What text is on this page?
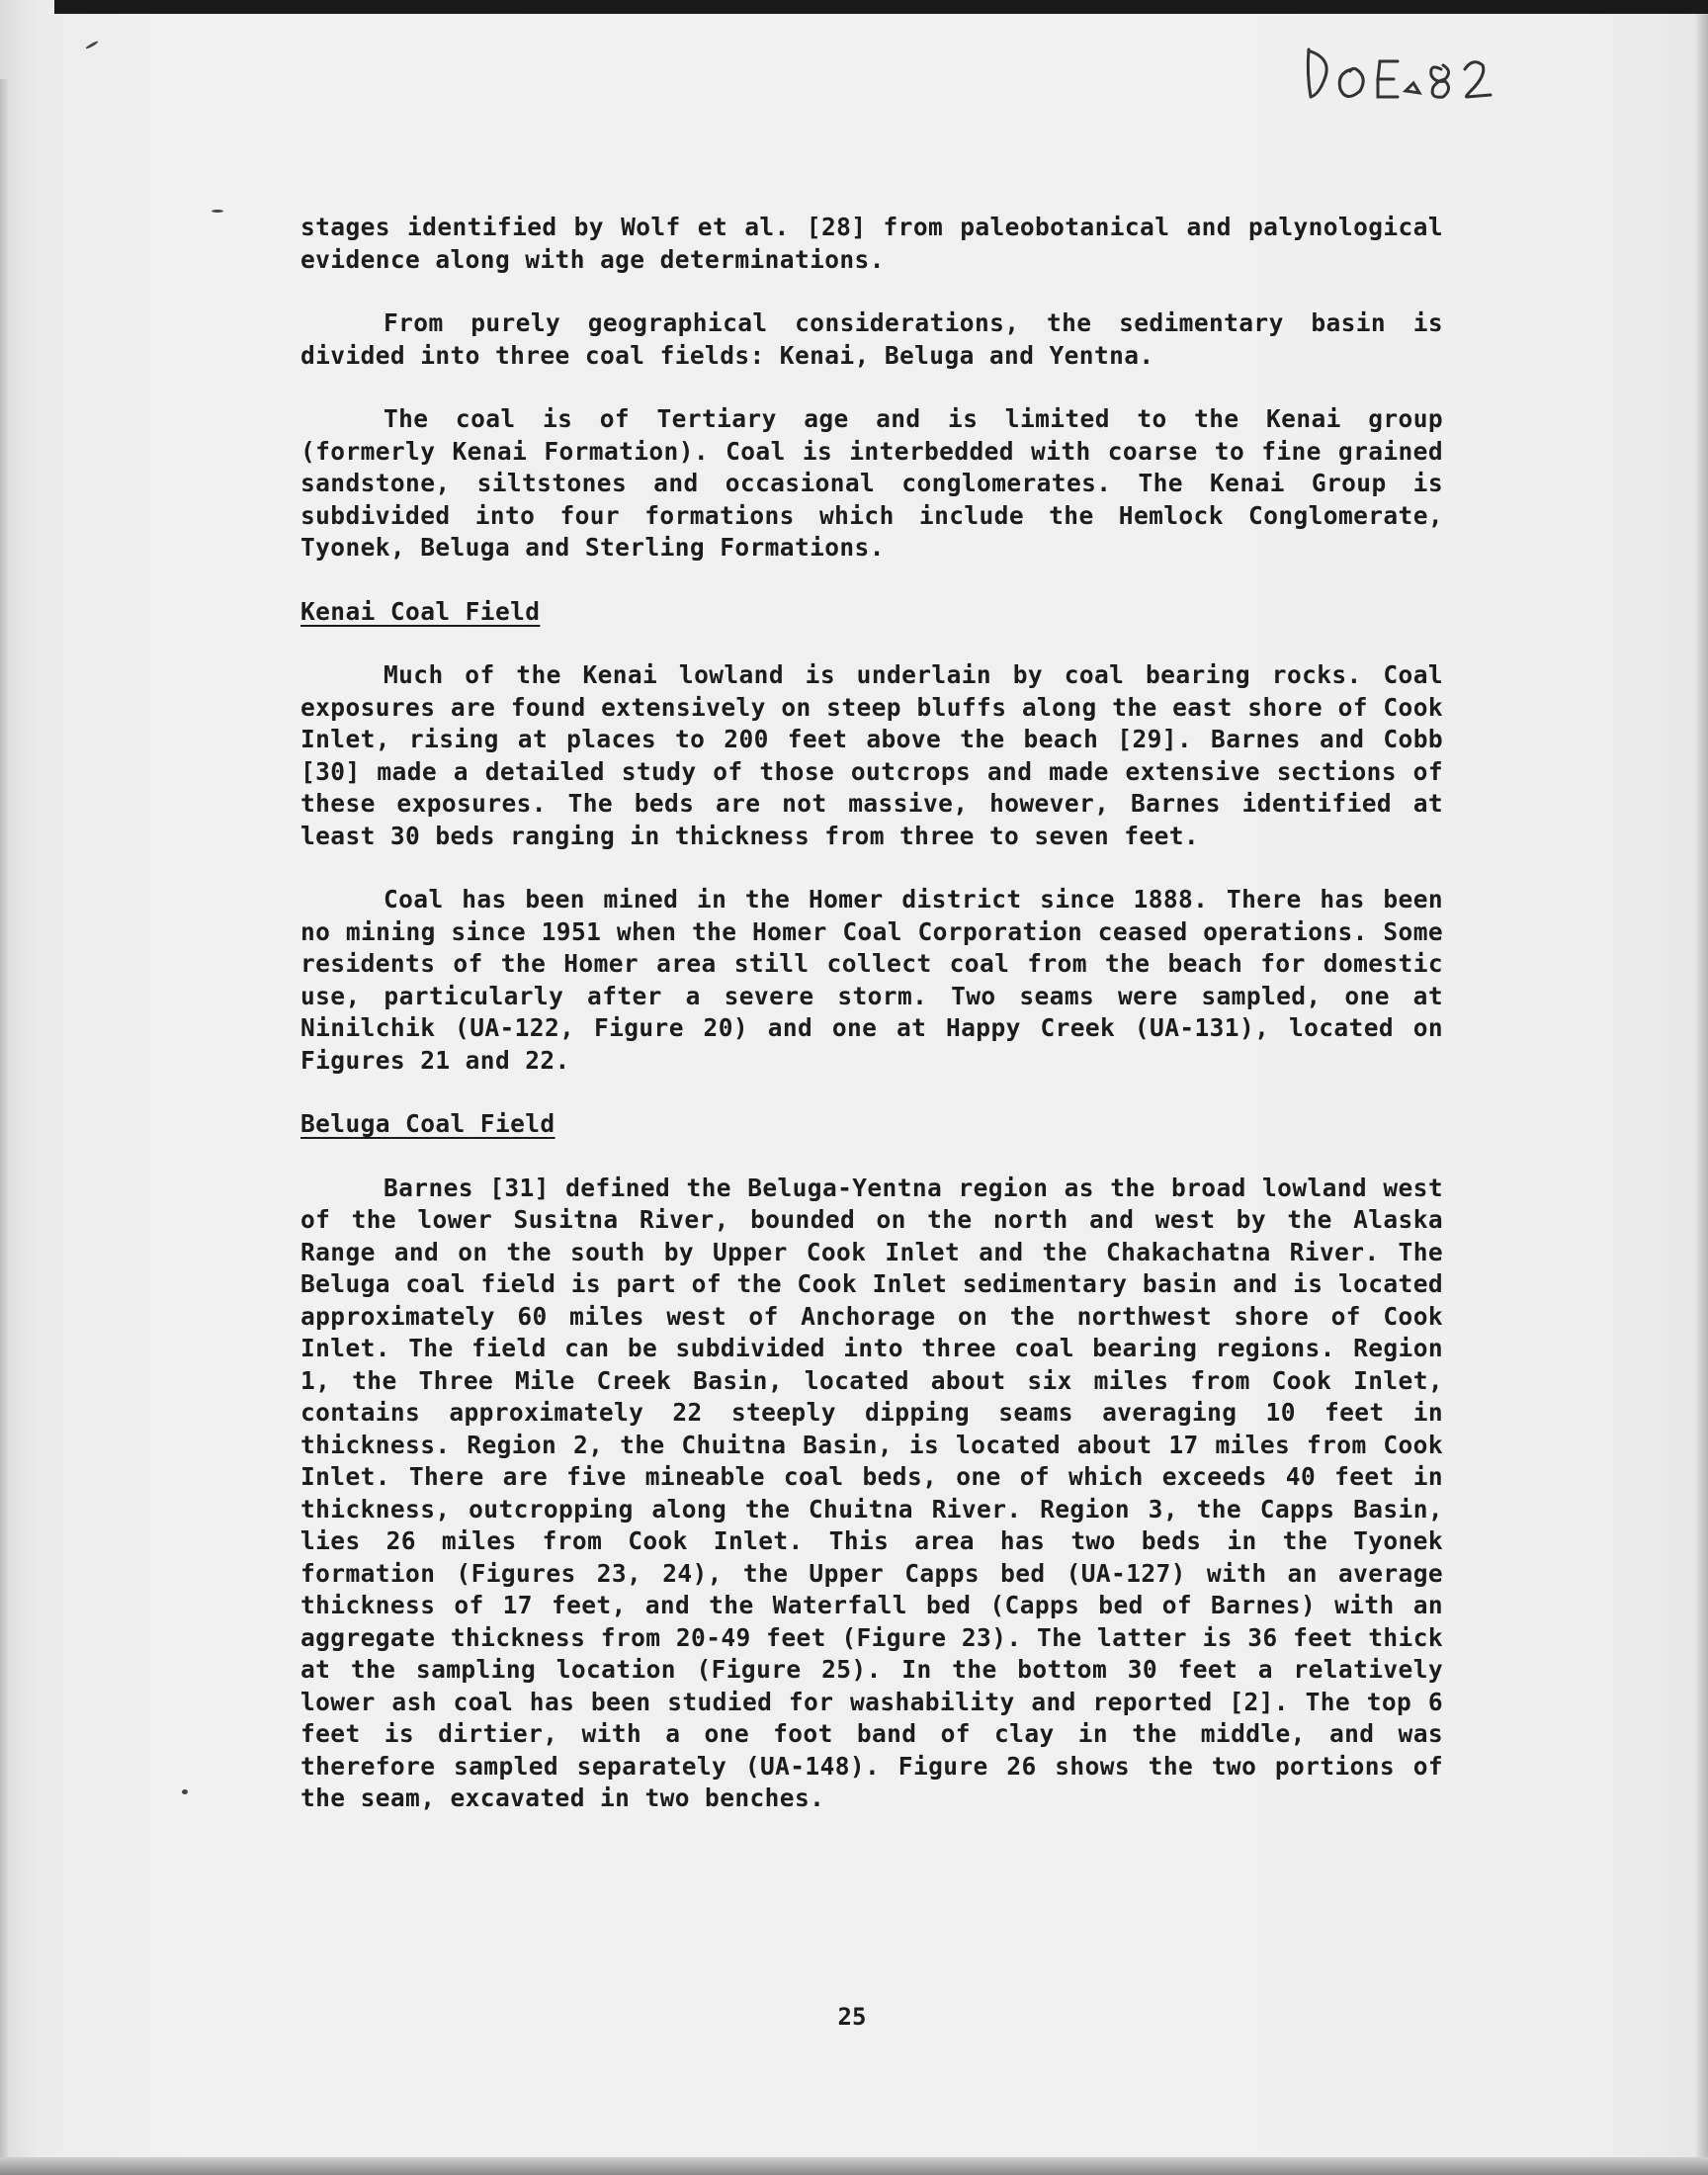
stages identified by Wolf et al. [28] from paleobotanical and palynological evidence along with age determinations.

From purely geographical considerations, the sedimentary basin is divided into three coal fields: Kenai, Beluga and Yentna.

The coal is of Tertiary age and is limited to the Kenai group (formerly Kenai Formation). Coal is interbedded with coarse to fine grained sandstone, siltstones and occasional conglomerates. The Kenai Group is subdivided into four formations which include the Hemlock Conglomerate, Tyonek, Beluga and Sterling Formations.

Kenai Coal Field

Much of the Kenai lowland is underlain by coal bearing rocks. Coal exposures are found extensively on steep bluffs along the east shore of Cook Inlet, rising at places to 200 feet above the beach [29]. Barnes and Cobb [30] made a detailed study of those outcrops and made extensive sections of these exposures. The beds are not massive, however, Barnes identified at least 30 beds ranging in thickness from three to seven feet.

Coal has been mined in the Homer district since 1888. There has been no mining since 1951 when the Homer Coal Corporation ceased operations. Some residents of the Homer area still collect coal from the beach for domestic use, particularly after a severe storm. Two seams were sampled, one at Ninilchik (UA-122, Figure 20) and one at Happy Creek (UA-131), located on Figures 21 and 22.

Beluga Coal Field

Barnes [31] defined the Beluga-Yentna region as the broad lowland west of the lower Susitna River, bounded on the north and west by the Alaska Range and on the south by Upper Cook Inlet and the Chakachatna River. The Beluga coal field is part of the Cook Inlet sedimentary basin and is located approximately 60 miles west of Anchorage on the northwest shore of Cook Inlet. The field can be subdivided into three coal bearing regions. Region 1, the Three Mile Creek Basin, located about six miles from Cook Inlet, contains approximately 22 steeply dipping seams averaging 10 feet in thickness. Region 2, the Chuitna Basin, is located about 17 miles from Cook Inlet. There are five mineable coal beds, one of which exceeds 40 feet in thickness, outcropping along the Chuitna River. Region 3, the Capps Basin, lies 26 miles from Cook Inlet. This area has two beds in the Tyonek formation (Figures 23, 24), the Upper Capps bed (UA-127) with an average thickness of 17 feet, and the Waterfall bed (Capps bed of Barnes) with an aggregate thickness from 20-49 feet (Figure 23). The latter is 36 feet thick at the sampling location (Figure 25). In the bottom 30 feet a relatively lower ash coal has been studied for washability and reported [2]. The top 6 feet is dirtier, with a one foot band of clay in the middle, and was therefore sampled separately (UA-148). Figure 26 shows the two portions of the seam, excavated in two benches.

25
